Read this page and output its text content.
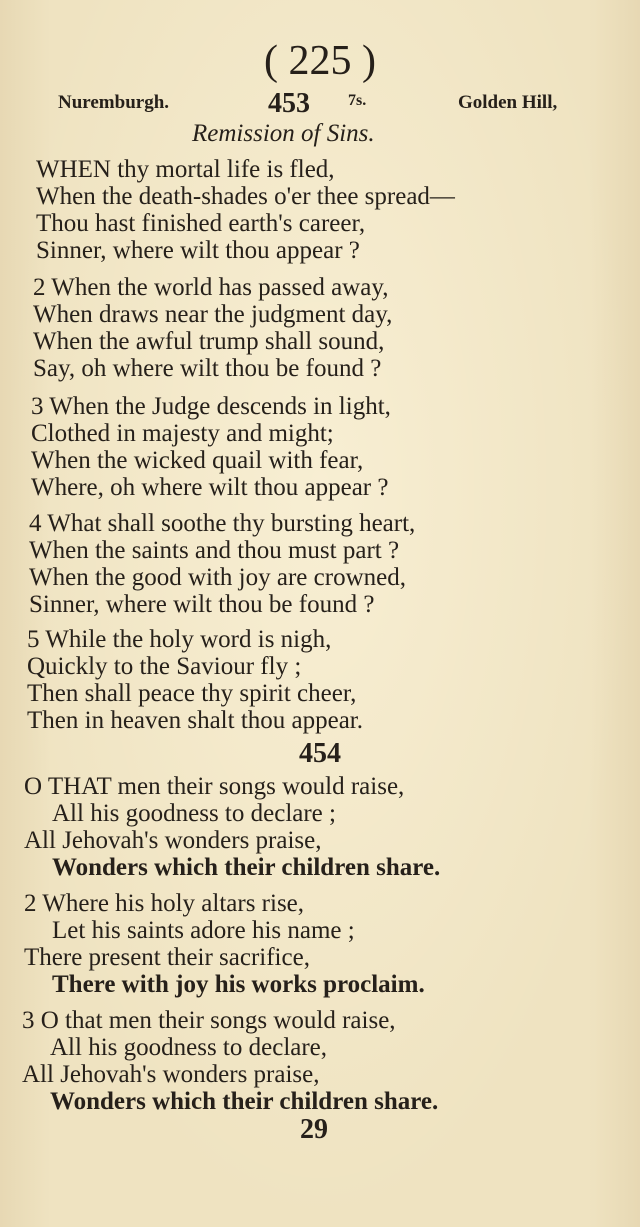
( 225 )
Nuremburgh.	453 7s.	Golden Hill,
Remission of Sins.
WHEN thy mortal life is fled,
When the death-shades o'er thee spread—
Thou hast finished earth's career,
Sinner, where wilt thou appear ?
2 When the world has passed away,
When draws near the judgment day,
When the awful trump shall sound,
Say, oh where wilt thou be found ?
3 When the Judge descends in light,
Clothed in majesty and might;
When the wicked quail with fear,
Where, oh where wilt thou appear ?
4 What shall soothe thy bursting heart,
When the saints and thou must part ?
When the good with joy are crowned,
Sinner, where wilt thou be found ?
5 While the holy word is nigh,
Quickly to the Saviour fly ;
Then shall peace thy spirit cheer,
Then in heaven shalt thou appear.
454
O THAT men their songs would raise,
All his goodness to declare ;
All Jehovah's wonders praise,
Wonders which their children share.
2 Where his holy altars rise,
Let his saints adore his name ;
There present their sacrifice,
There with joy his works proclaim.
3 O that men their songs would raise,
All his goodness to declare,
All Jehovah's wonders praise,
Wonders which their children share.
29
